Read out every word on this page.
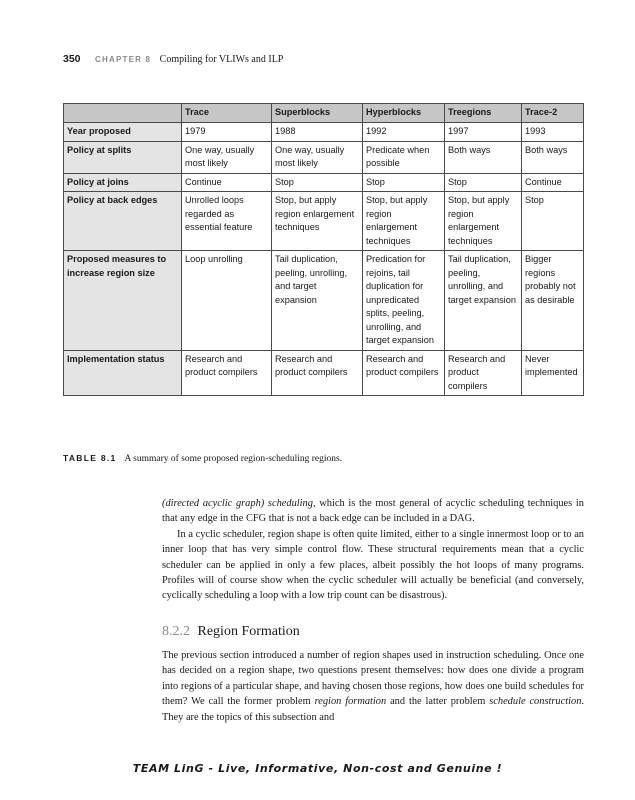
350 CHAPTER 8 Compiling for VLIWs and ILP
	Trace	Superblocks	Hyperblocks	Treegions	Trace-2
Year proposed	1979	1988	1992	1997	1993
Policy at splits	One way, usually most likely	One way, usually most likely	Predicate when possible	Both ways	Both ways
Policy at joins	Continue	Stop	Stop	Stop	Continue
Policy at back edges	Unrolled loops regarded as essential feature	Stop, but apply region enlargement techniques	Stop, but apply region enlargement techniques	Stop, but apply region enlargement techniques	Stop
Proposed measures to increase region size	Loop unrolling	Tail duplication, peeling, unrolling, and target expansion	Predication for rejoins, tail duplication for unpredicated splits, peeling, unrolling, and target expansion	Tail duplication, peeling, unrolling, and target expansion	Bigger regions probably not as desirable
Implementation status	Research and product compilers	Research and product compilers	Research and product compilers	Research and product compilers	Never implemented
TABLE 8.1 A summary of some proposed region-scheduling regions.

(directed acyclic graph) scheduling, which is the most general of acyclic scheduling techniques in that any edge in the CFG that is not a back edge can be included in a DAG.

In a cyclic scheduler, region shape is often quite limited, either to a single innermost loop or to an inner loop that has very simple control flow. These structural requirements mean that a cyclic scheduler can be applied in only a few places, albeit possibly the hot loops of many programs. Profiles will of course show when the cyclic scheduler will actually be beneficial (and conversely, cyclically scheduling a loop with a low trip count can be disastrous).

8.2.2 Region Formation

The previous section introduced a number of region shapes used in instruction scheduling. Once one has decided on a region shape, two questions present themselves: how does one divide a program into regions of a particular shape, and having chosen those regions, how does one build schedules for them? We call the former problem region formation and the latter problem schedule construction. They are the topics of this subsection and

TEAM LinG - Live, Informative, Non-cost and Genuine !
